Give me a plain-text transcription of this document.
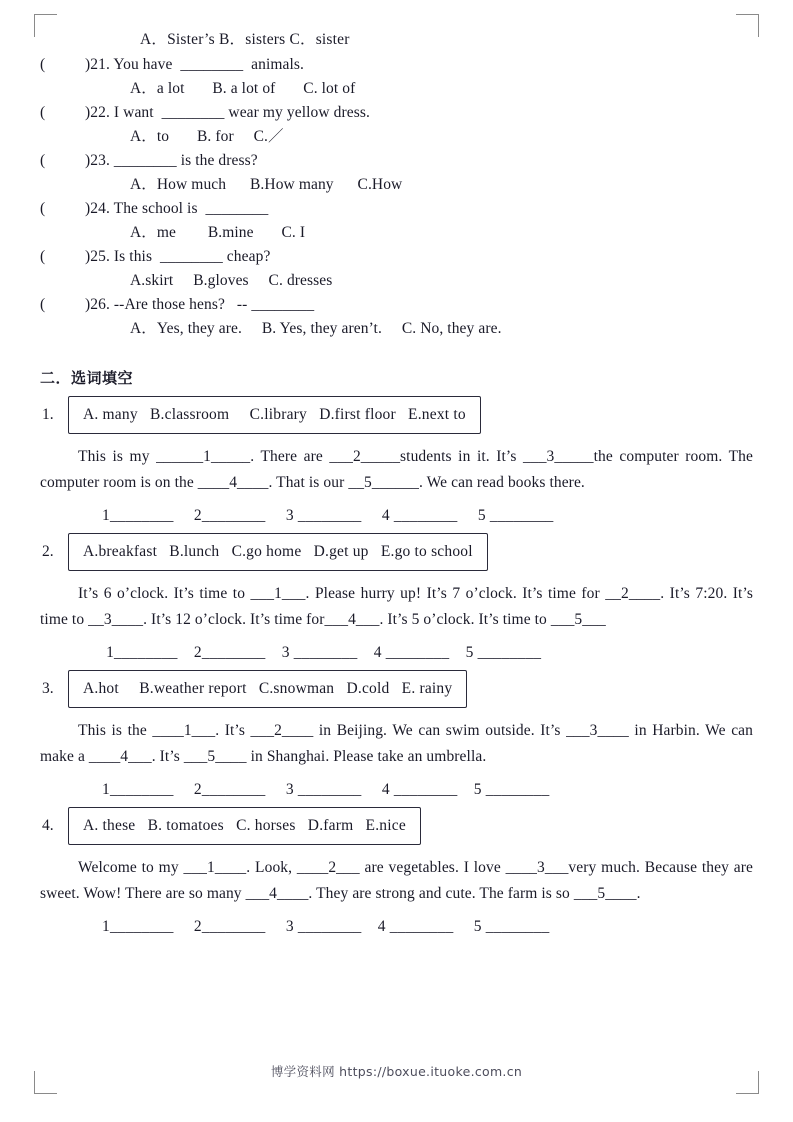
A．Sister’s B．sisters C．sister
(          )21. You have  ________  animals.
A．a lot       B. a lot of       C. lot of
(          )22. I want  ________ wear my yellow dress.
A．to       B. for     C.／
(          )23. ________ is the dress?
A．How much      B.How many      C.How
(          )24. The school is  ________
A．me        B.mine       C. I
(          )25. Is this  ________ cheap?
A.skirt     B.gloves     C. dresses
(          )26. --Are those hens?   -- ________
A．Yes, they are.     B. Yes, they aren’t.     C. No, they are.
二．选词填空
1.	A. many   B.classroom     C.library   D.first floor   E.next to

This is my ______1_____. There are ___2_____students in it. It’s ___3_____the computer room. The computer room is on the ____4____. That is our __5______. We can read books there.

1________     2________     3 ________     4 ________     5 ________
2.	A.breakfast   B.lunch   C.go home   D.get up   E.go to school

It’s 6 o’clock. It’s time to ___1___. Please hurry up! It’s 7 o’clock. It’s time for __2____. It’s 7:20. It’s time to __3____. It’s 12 o’clock. It’s time for___4___. It’s 5 o’clock. It’s time to ___5___

1________    2________    3 ________    4 ________    5 ________
3.	A.hot     B.weather report   C.snowman   D.cold   E. rainy

This is the ____1___. It’s ___2____ in Beijing. We can swim outside. It’s ___3____ in Harbin. We can make a ____4___. It’s ___5____ in Shanghai. Please take an umbrella.

1________     2________     3 ________     4 ________    5 ________
4.	A. these   B. tomatoes   C. horses   D.farm   E.nice

Welcome to my ___1____. Look, ____2___ are vegetables. I love ____3___very much. Because they are sweet. Wow! There are so many ___4____. They are strong and cute. The farm is so ___5____.

1________     2________     3 ________    4 ________     5 ________
博学资料网 https://boxue.ituoke.com.cn
